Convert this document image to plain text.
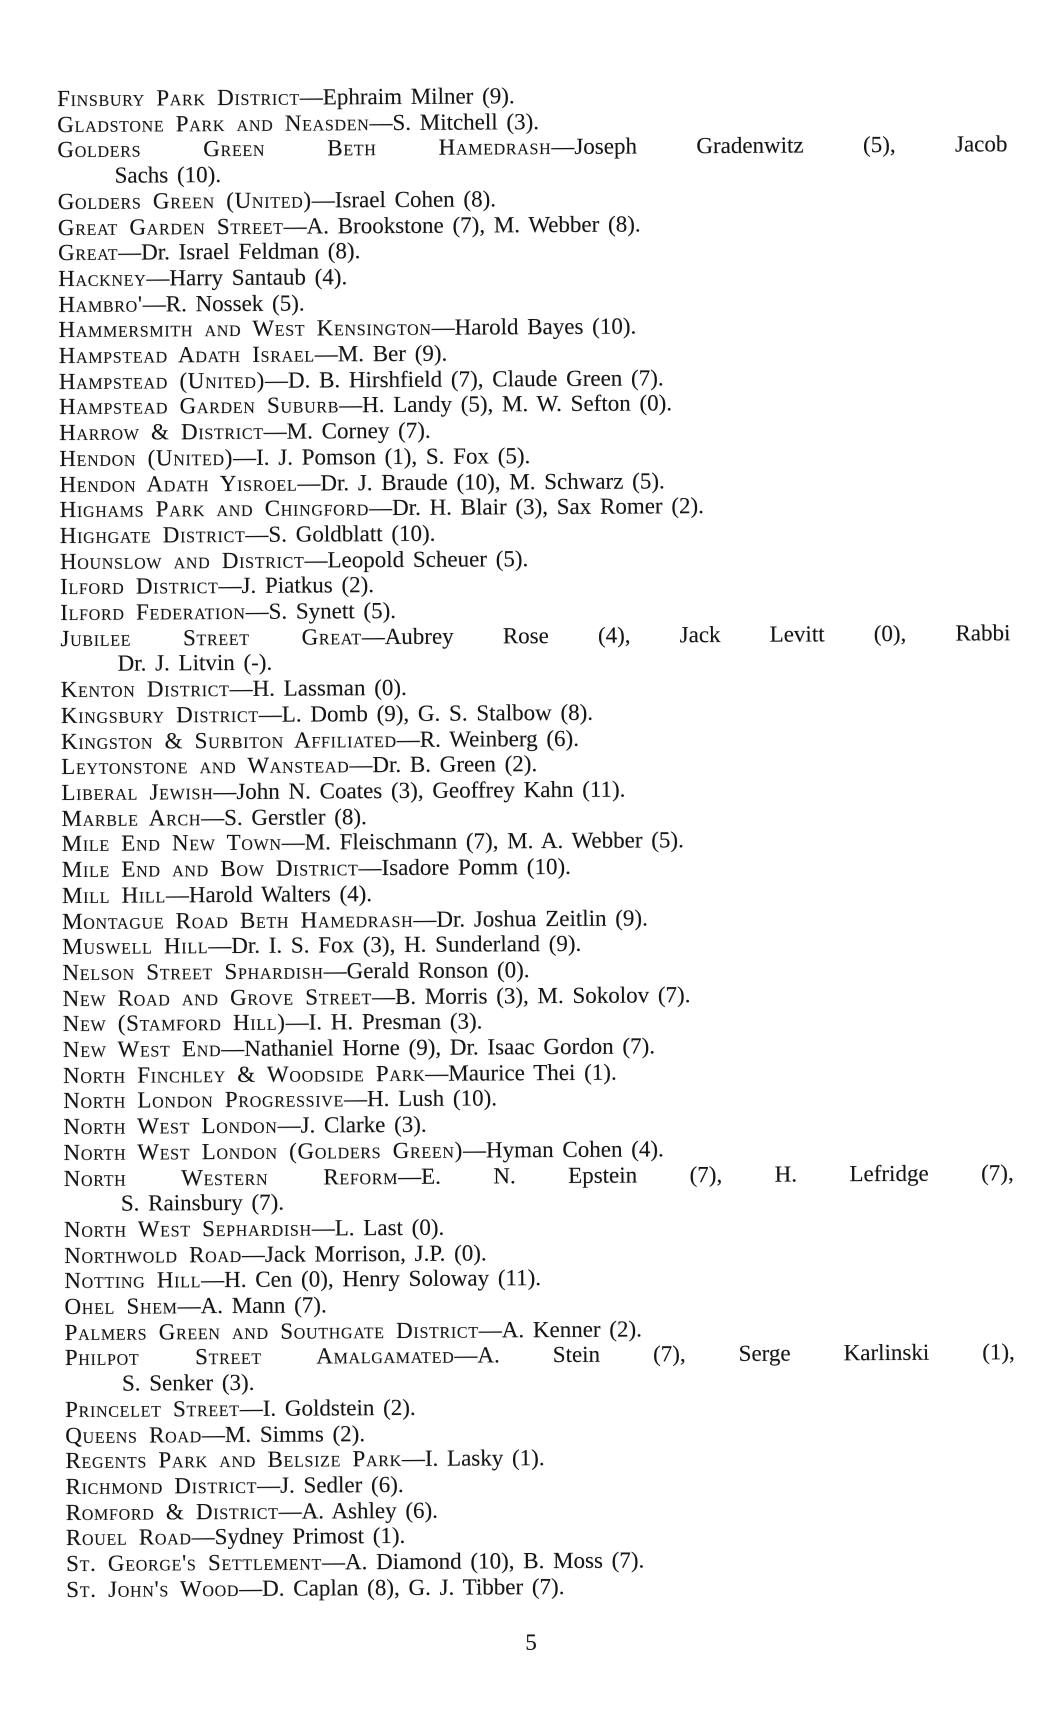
Finsbury Park District—Ephraim Milner (9).
Gladstone Park and Neasden—S. Mitchell (3).
Golders Green Beth Hamedrash—Joseph Gradenwitz (5), Jacob
Sachs (10).
Golders Green (United)—Israel Cohen (8).
Great Garden Street—A. Brookstone (7), M. Webber (8).
Great—Dr. Israel Feldman (8).
Hackney—Harry Santaub (4).
Hambro'—R. Nossek (5).
Hammersmith and West Kensington—Harold Bayes (10).
Hampstead Adath Israel—M. Ber (9).
Hampstead (United)—D. B. Hirshfield (7), Claude Green (7).
Hampstead Garden Suburb—H. Landy (5), M. W. Sefton (0).
Harrow & District—M. Corney (7).
Hendon (United)—I. J. Pomson (1), S. Fox (5).
Hendon Adath Yisroel—Dr. J. Braude (10), M. Schwarz (5).
Highams Park and Chingford—Dr. H. Blair (3), Sax Romer (2).
Highgate District—S. Goldblatt (10).
Hounslow and District—Leopold Scheuer (5).
Ilford District—J. Piatkus (2).
Ilford Federation—S. Synett (5).
Jubilee Street Great—Aubrey Rose (4), Jack Levitt (0), Rabbi
Dr. J. Litvin (-).
Kenton District—H. Lassman (0).
Kingsbury District—L. Domb (9), G. S. Stalbow (8).
Kingston & Surbiton Affiliated—R. Weinberg (6).
Leytonstone and Wanstead—Dr. B. Green (2).
Liberal Jewish—John N. Coates (3), Geoffrey Kahn (11).
Marble Arch—S. Gerstler (8).
Mile End New Town—M. Fleischmann (7), M. A. Webber (5).
Mile End and Bow District—Isadore Pomm (10).
Mill Hill—Harold Walters (4).
Montague Road Beth Hamedrash—Dr. Joshua Zeitlin (9).
Muswell Hill—Dr. I. S. Fox (3), H. Sunderland (9).
Nelson Street Sphardish—Gerald Ronson (0).
New Road and Grove Street—B. Morris (3), M. Sokolov (7).
New (Stamford Hill)—I. H. Presman (3).
New West End—Nathaniel Horne (9), Dr. Isaac Gordon (7).
North Finchley & Woodside Park—Maurice Thei (1).
North London Progressive—H. Lush (10).
North West London—J. Clarke (3).
North West London (Golders Green)—Hyman Cohen (4).
North Western Reform—E. N. Epstein (7), H. Lefridge (7),
S. Rainsbury (7).
North West Sephardish—L. Last (0).
Northwold Road—Jack Morrison, J.P. (0).
Notting Hill—H. Cen (0), Henry Soloway (11).
Ohel Shem—A. Mann (7).
Palmers Green and Southgate District—A. Kenner (2).
Philpot Street Amalgamated—A. Stein (7), Serge Karlinski (1),
S. Senker (3).
Princelet Street—I. Goldstein (2).
Queens Road—M. Simms (2).
Regents Park and Belsize Park—I. Lasky (1).
Richmond District—J. Sedler (6).
Romford & District—A. Ashley (6).
Rouel Road—Sydney Primost (1).
St. George's Settlement—A. Diamond (10), B. Moss (7).
St. John's Wood—D. Caplan (8), G. J. Tibber (7).
5
